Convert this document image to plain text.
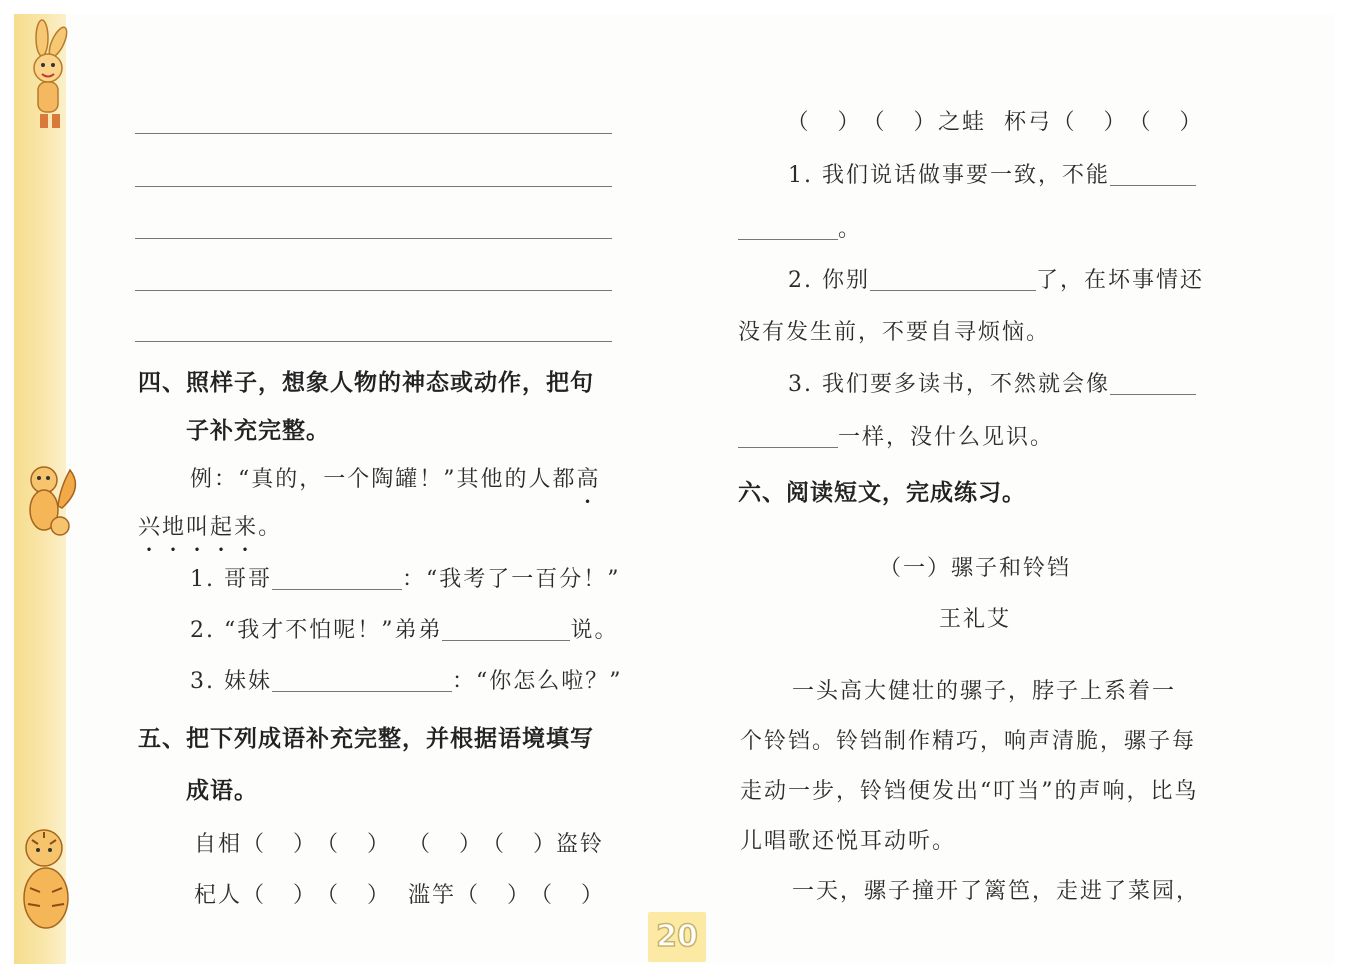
四、照样子，想象人物的神态或动作，把句
子补充完整。
例：“真的，一个陶罐！”其他的人都高
兴地叫起来。
1. 哥哥	：“我考了一百分！”
2. “我才不怕呢！”弟弟	说。
3. 妹妹	：“你怎么啦？”
五、把下列成语补充完整，并根据语境填写
成语。
自相（ ）（ ） （ ）（ ）盗铃
杞人（ ）（ ） 滥竽（ ）（ ）
（ ）（ ）之蛙 杯弓（ ）（ ）
1. 我们说话做事要一致，不能
。
2. 你别	了，在坏事情还
没有发生前，不要自寻烦恼。
3. 我们要多读书，不然就会像
一样，没什么见识。
六、阅读短文，完成练习。
（一）骡子和铃铛
王礼艾
一头高大健壮的骡子，脖子上系着一
个铃铛。铃铛制作精巧，响声清脆，骡子每
走动一步，铃铛便发出“叮当”的声响，比鸟
儿唱歌还悦耳动听。
一天，骡子撞开了篱笆，走进了菜园，
20
